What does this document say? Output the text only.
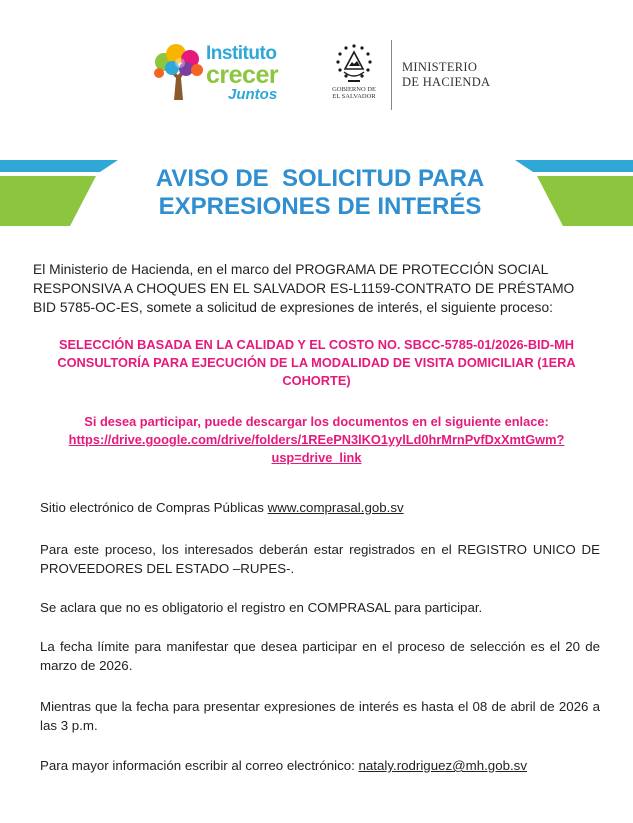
Instituto
crecer
Juntos	GOBIERNO DE
EL SALVADOR
MINISTERIO
DE HACIENDA
AVISO DE  SOLICITUD PARA
EXPRESIONES DE INTERÉS
El Ministerio de Hacienda, en el marco del PROGRAMA DE PROTECCIÓN SOCIAL RESPONSIVA A CHOQUES EN EL SALVADOR ES-L1159-CONTRATO DE PRÉSTAMO BID 5785-OC-ES, somete a solicitud de expresiones de interés, el siguiente proceso:
SELECCIÓN BASADA EN LA CALIDAD Y EL COSTO NO. SBCC-5785-01/2026-BID-MH
CONSULTORÍA PARA EJECUCIÓN DE LA MODALIDAD DE VISITA DOMICILIAR (1ERA
COHORTE)
Si desea participar, puede descargar los documentos en el siguiente enlace:
https://drive.google.com/drive/folders/1REePN3lKO1yylLd0hrMrnPvfDxXmtGwm?
usp=drive_link
Sitio electrónico de Compras Públicas www.comprasal.gob.sv
Para este proceso, los interesados deberán estar registrados en el REGISTRO UNICO DE PROVEEDORES DEL ESTADO –RUPES-.
Se aclara que no es obligatorio el registro en COMPRASAL para participar.
La fecha límite para manifestar que desea participar en el proceso de selección es el 20 de marzo de 2026.
Mientras que la fecha para presentar expresiones de interés es hasta el 08 de abril de 2026 a las 3 p.m.
Para mayor información escribir al correo electrónico: nataly.rodriguez@mh.gob.sv
